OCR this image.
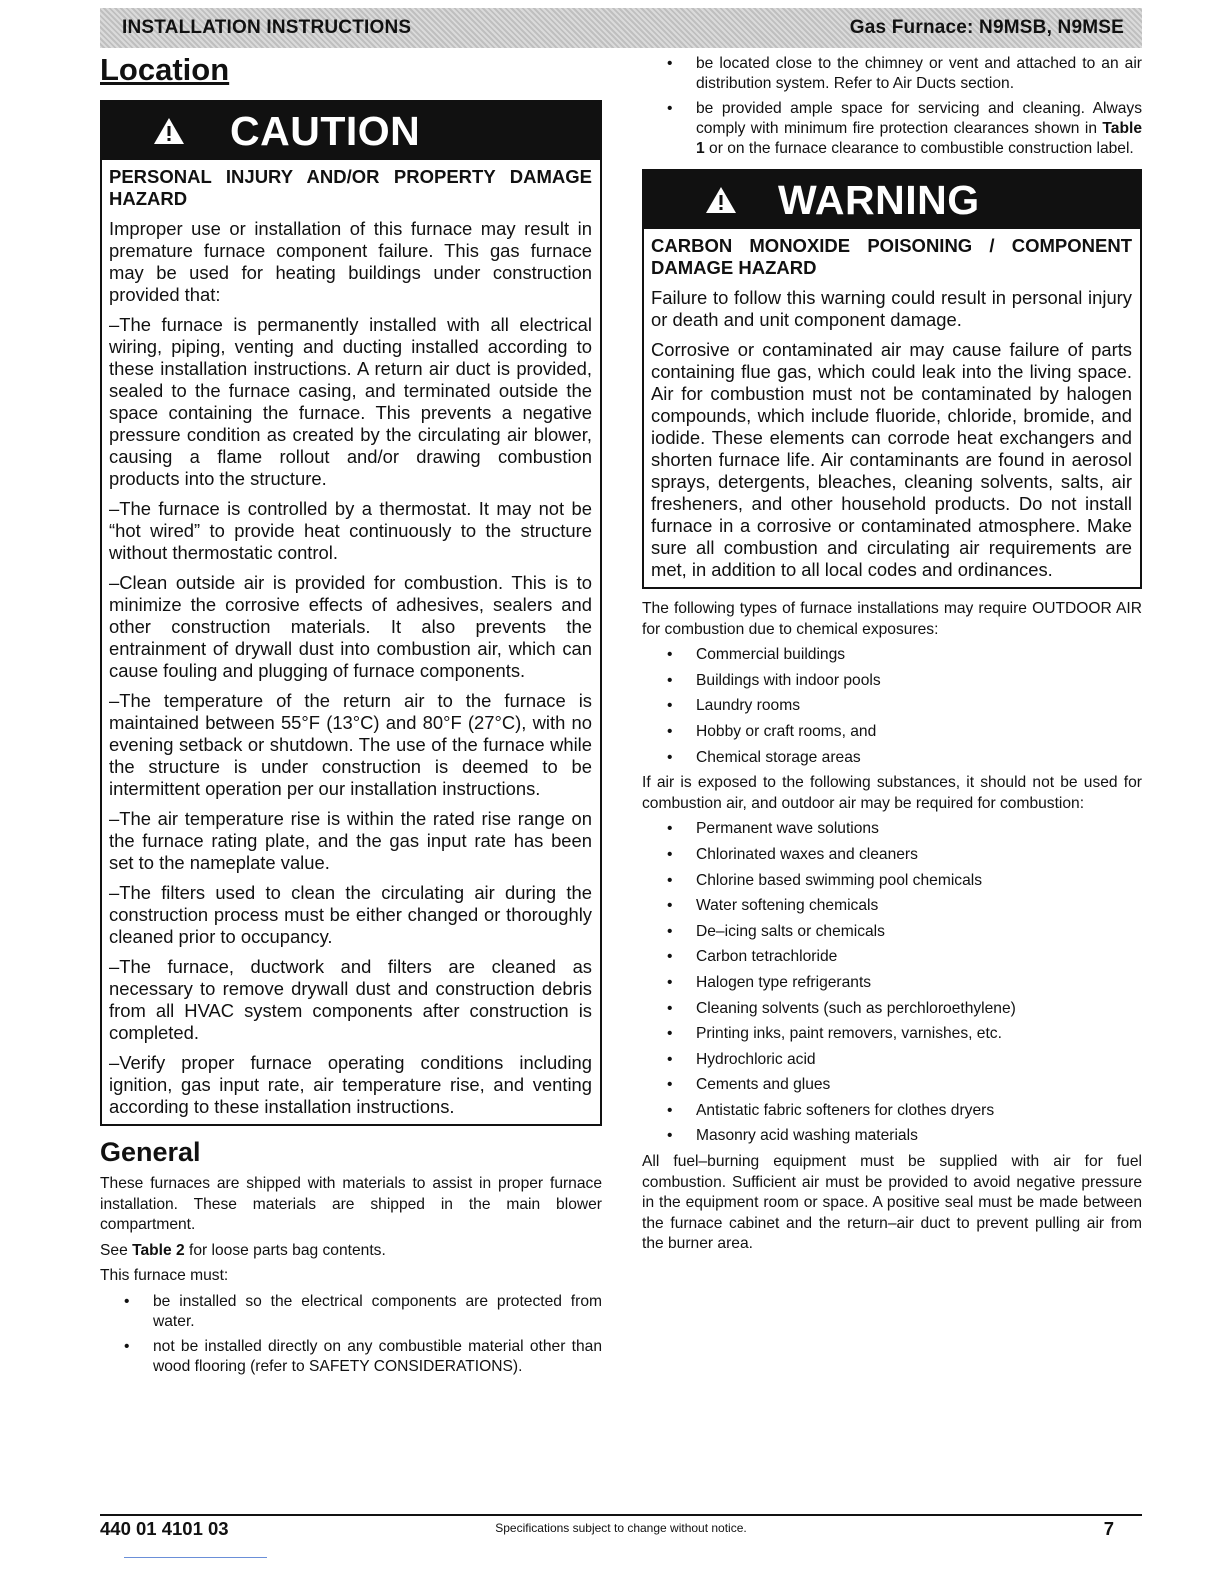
INSTALLATION INSTRUCTIONS	Gas Furnace: N9MSB, N9MSE
Location
CAUTION
PERSONAL INJURY AND/OR PROPERTY DAMAGE HAZARD

Improper use or installation of this furnace may result in premature furnace component failure. This gas furnace may be used for heating buildings under construction provided that:

–The furnace is permanently installed with all electrical wiring, piping, venting and ducting installed according to these installation instructions. A return air duct is provided, sealed to the furnace casing, and terminated outside the space containing the furnace. This prevents a negative pressure condition as created by the circulating air blower, causing a flame rollout and/or drawing combustion products into the structure.

–The furnace is controlled by a thermostat. It may not be “hot wired” to provide heat continuously to the structure without thermostatic control.

–Clean outside air is provided for combustion. This is to minimize the corrosive effects of adhesives, sealers and other construction materials. It also prevents the entrainment of drywall dust into combustion air, which can cause fouling and plugging of furnace components.

–The temperature of the return air to the furnace is maintained between 55°F (13°C) and 80°F (27°C), with no evening setback or shutdown. The use of the furnace while the structure is under construction is deemed to be intermittent operation per our installation instructions.

–The air temperature rise is within the rated rise range on the furnace rating plate, and the gas input rate has been set to the nameplate value.

–The filters used to clean the circulating air during the construction process must be either changed or thoroughly cleaned prior to occupancy.

–The furnace, ductwork and filters are cleaned as necessary to remove drywall dust and construction debris from all HVAC system components after construction is completed.

–Verify proper furnace operating conditions including ignition, gas input rate, air temperature rise, and venting according to these installation instructions.

General

These furnaces are shipped with materials to assist in proper furnace installation. These materials are shipped in the main blower compartment.

See Table 2 for loose parts bag contents.

This furnace must:

• be installed so the electrical components are protected from water.
• not be installed directly on any combustible material other than wood flooring (refer to SAFETY CONSIDERATIONS).
• be located close to the chimney or vent and attached to an air distribution system. Refer to Air Ducts section.
• be provided ample space for servicing and cleaning. Always comply with minimum fire protection clearances shown in Table 1 or on the furnace clearance to combustible construction label.
WARNING
CARBON MONOXIDE POISONING / COMPONENT DAMAGE HAZARD

Failure to follow this warning could result in personal injury or death and unit component damage.

Corrosive or contaminated air may cause failure of parts containing flue gas, which could leak into the living space. Air for combustion must not be contaminated by halogen compounds, which include fluoride, chloride, bromide, and iodide. These elements can corrode heat exchangers and shorten furnace life. Air contaminants are found in aerosol sprays, detergents, bleaches, cleaning solvents, salts, air fresheners, and other household products. Do not install furnace in a corrosive or contaminated atmosphere. Make sure all combustion and circulating air requirements are met, in addition to all local codes and ordinances.

The following types of furnace installations may require OUTDOOR AIR for combustion due to chemical exposures:

• Commercial buildings
• Buildings with indoor pools
• Laundry rooms
• Hobby or craft rooms, and
• Chemical storage areas

If air is exposed to the following substances, it should not be used for combustion air, and outdoor air may be required for combustion:

• Permanent wave solutions
• Chlorinated waxes and cleaners
• Chlorine based swimming pool chemicals
• Water softening chemicals
• De–icing salts or chemicals
• Carbon tetrachloride
• Halogen type refrigerants
• Cleaning solvents (such as perchloroethylene)
• Printing inks, paint removers, varnishes, etc.
• Hydrochloric acid
• Cements and glues
• Antistatic fabric softeners for clothes dryers
• Masonry acid washing materials

All fuel–burning equipment must be supplied with air for fuel combustion. Sufficient air must be provided to avoid negative pressure in the equipment room or space. A positive seal must be made between the furnace cabinet and the return–air duct to prevent pulling air from the burner area.

440 01 4101 03	Specifications subject to change without notice.	7
